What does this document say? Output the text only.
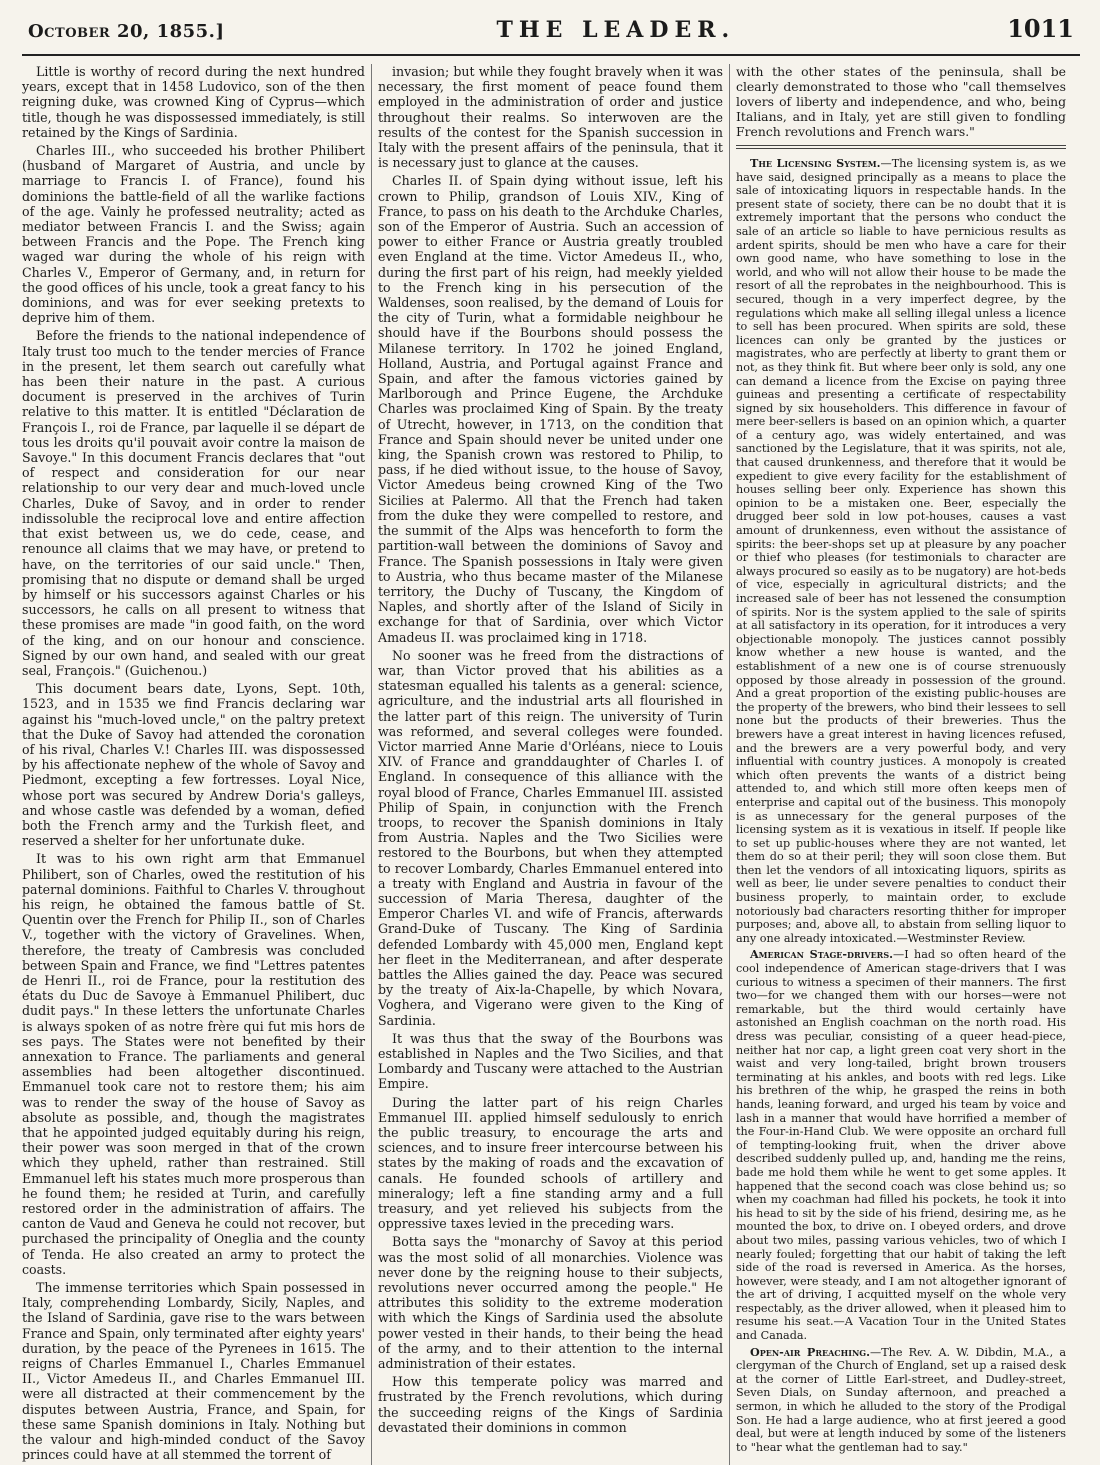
October 20, 1855.]	THE LEADER.	1011

Little is worthy of record during the next hundred years, except that in 1458 Ludovico, son of the then reigning duke, was crowned King of Cyprus—which title, though he was dispossessed immediately, is still retained by the Kings of Sardinia.

Charles III., who succeeded his brother Philibert (husband of Margaret of Austria, and uncle by marriage to Francis I. of France), found his dominions the battle-field of all the warlike factions of the age. Vainly he professed neutrality; acted as mediator between Francis I. and the Swiss; again between Francis and the Pope. The French king waged war during the whole of his reign with Charles V., Emperor of Germany, and, in return for the good offices of his uncle, took a great fancy to his dominions, and was for ever seeking pretexts to deprive him of them.

Before the friends to the national independence of Italy trust too much to the tender mercies of France in the present, let them search out carefully what has been their nature in the past. A curious document is preserved in the archives of Turin relative to this matter. It is entitled "Déclaration de François I., roi de France, par laquelle il se départ de tous les droits qu'il pouvait avoir contre la maison de Savoye." In this document Francis declares that "out of respect and consideration for our near relationship to our very dear and much-loved uncle Charles, Duke of Savoy, and in order to render indissoluble the reciprocal love and entire affection that exist between us, we do cede, cease, and renounce all claims that we may have, or pretend to have, on the territories of our said uncle." Then, promising that no dispute or demand shall be urged by himself or his successors against Charles or his successors, he calls on all present to witness that these promises are made "in good faith, on the word of the king, and on our honour and conscience. Signed by our own hand, and sealed with our great seal, François." (Guichenou.)

This document bears date, Lyons, Sept. 10th, 1523, and in 1535 we find Francis declaring war against his "much-loved uncle," on the paltry pretext that the Duke of Savoy had attended the coronation of his rival, Charles V.! Charles III. was dispossessed by his affectionate nephew of the whole of Savoy and Piedmont, excepting a few fortresses. Loyal Nice, whose port was secured by Andrew Doria's galleys, and whose castle was defended by a woman, defied both the French army and the Turkish fleet, and reserved a shelter for her unfortunate duke.

It was to his own right arm that Emmanuel Philibert, son of Charles, owed the restitution of his paternal dominions. Faithful to Charles V. throughout his reign, he obtained the famous battle of St. Quentin over the French for Philip II., son of Charles V., together with the victory of Gravelines. When, therefore, the treaty of Cambresis was concluded between Spain and France, we find "Lettres patentes de Henri II., roi de France, pour la restitution des états du Duc de Savoye à Emmanuel Philibert, duc dudit pays." In these letters the unfortunate Charles is always spoken of as notre frère qui fut mis hors de ses pays. The States were not benefited by their annexation to France. The parliaments and general assemblies had been altogether discontinued. Emmanuel took care not to restore them; his aim was to render the sway of the house of Savoy as absolute as possible, and, though the magistrates that he appointed judged equitably during his reign, their power was soon merged in that of the crown which they upheld, rather than restrained. Still Emmanuel left his states much more prosperous than he found them; he resided at Turin, and carefully restored order in the administration of affairs. The canton de Vaud and Geneva he could not recover, but purchased the principality of Oneglia and the county of Tenda. He also created an army to protect the coasts.

The immense territories which Spain possessed in Italy, comprehending Lombardy, Sicily, Naples, and the Island of Sardinia, gave rise to the wars between France and Spain, only terminated after eighty years' duration, by the peace of the Pyrenees in 1615. The reigns of Charles Emmanuel I., Charles Emmanuel II., Victor Amedeus II., and Charles Emmanuel III. were all distracted at their commencement by the disputes between Austria, France, and Spain, for these same Spanish dominions in Italy. Nothing but the valour and high-minded conduct of the Savoy princes could have at all stemmed the torrent of

invasion; but while they fought bravely when it was necessary, the first moment of peace found them employed in the administration of order and justice throughout their realms. So interwoven are the results of the contest for the Spanish succession in Italy with the present affairs of the peninsula, that it is necessary just to glance at the causes.

Charles II. of Spain dying without issue, left his crown to Philip, grandson of Louis XIV., King of France, to pass on his death to the Archduke Charles, son of the Emperor of Austria. Such an accession of power to either France or Austria greatly troubled even England at the time. Victor Amedeus II., who, during the first part of his reign, had meekly yielded to the French king in his persecution of the Waldenses, soon realised, by the demand of Louis for the city of Turin, what a formidable neighbour he should have if the Bourbons should possess the Milanese territory. In 1702 he joined England, Holland, Austria, and Portugal against France and Spain, and after the famous victories gained by Marlborough and Prince Eugene, the Archduke Charles was proclaimed King of Spain. By the treaty of Utrecht, however, in 1713, on the condition that France and Spain should never be united under one king, the Spanish crown was restored to Philip, to pass, if he died without issue, to the house of Savoy, Victor Amedeus being crowned King of the Two Sicilies at Palermo. All that the French had taken from the duke they were compelled to restore, and the summit of the Alps was henceforth to form the partition-wall between the dominions of Savoy and France. The Spanish possessions in Italy were given to Austria, who thus became master of the Milanese territory, the Duchy of Tuscany, the Kingdom of Naples, and shortly after of the Island of Sicily in exchange for that of Sardinia, over which Victor Amadeus II. was proclaimed king in 1718.

No sooner was he freed from the distractions of war, than Victor proved that his abilities as a statesman equalled his talents as a general: science, agriculture, and the industrial arts all flourished in the latter part of this reign. The university of Turin was reformed, and several colleges were founded. Victor married Anne Marie d'Orléans, niece to Louis XIV. of France and granddaughter of Charles I. of England. In consequence of this alliance with the royal blood of France, Charles Emmanuel III. assisted Philip of Spain, in conjunction with the French troops, to recover the Spanish dominions in Italy from Austria. Naples and the Two Sicilies were restored to the Bourbons, but when they attempted to recover Lombardy, Charles Emmanuel entered into a treaty with England and Austria in favour of the succession of Maria Theresa, daughter of the Emperor Charles VI. and wife of Francis, afterwards Grand-Duke of Tuscany. The King of Sardinia defended Lombardy with 45,000 men, England kept her fleet in the Mediterranean, and after desperate battles the Allies gained the day. Peace was secured by the treaty of Aix-la-Chapelle, by which Novara, Voghera, and Vigerano were given to the King of Sardinia.

It was thus that the sway of the Bourbons was established in Naples and the Two Sicilies, and that Lombardy and Tuscany were attached to the Austrian Empire.

During the latter part of his reign Charles Emmanuel III. applied himself sedulously to enrich the public treasury, to encourage the arts and sciences, and to insure freer intercourse between his states by the making of roads and the excavation of canals. He founded schools of artillery and mineralogy; left a fine standing army and a full treasury, and yet relieved his subjects from the oppressive taxes levied in the preceding wars.

Botta says the "monarchy of Savoy at this period was the most solid of all monarchies. Violence was never done by the reigning house to their subjects, revolutions never occurred among the people." He attributes this solidity to the extreme moderation with which the Kings of Sardinia used the absolute power vested in their hands, to their being the head of the army, and to their attention to the internal administration of their estates.

How this temperate policy was marred and frustrated by the French revolutions, which during the succeeding reigns of the Kings of Sardinia devastated their dominions in common

with the other states of the peninsula, shall be clearly demonstrated to those who "call themselves lovers of liberty and independence, and who, being Italians, and in Italy, yet are still given to fondling French revolutions and French wars."

The Licensing System.—The licensing system is, as we have said, designed principally as a means to place the sale of intoxicating liquors in respectable hands. In the present state of society, there can be no doubt that it is extremely important that the persons who conduct the sale of an article so liable to have pernicious results as ardent spirits, should be men who have a care for their own good name, who have something to lose in the world, and who will not allow their house to be made the resort of all the reprobates in the neighbourhood. This is secured, though in a very imperfect degree, by the regulations which make all selling illegal unless a licence to sell has been procured. When spirits are sold, these licences can only be granted by the justices or magistrates, who are perfectly at liberty to grant them or not, as they think fit. But where beer only is sold, any one can demand a licence from the Excise on paying three guineas and presenting a certificate of respectability signed by six householders. This difference in favour of mere beer-sellers is based on an opinion which, a quarter of a century ago, was widely entertained, and was sanctioned by the Legislature, that it was spirits, not ale, that caused drunkenness, and therefore that it would be expedient to give every facility for the establishment of houses selling beer only. Experience has shown this opinion to be a mistaken one. Beer, especially the drugged beer sold in low pot-houses, causes a vast amount of drunkenness, even without the assistance of spirits: the beer-shops set up at pleasure by any poacher or thief who pleases (for testimonials to character are always procured so easily as to be nugatory) are hot-beds of vice, especially in agricultural districts; and the increased sale of beer has not lessened the consumption of spirits. Nor is the system applied to the sale of spirits at all satisfactory in its operation, for it introduces a very objectionable monopoly. The justices cannot possibly know whether a new house is wanted, and the establishment of a new one is of course strenuously opposed by those already in possession of the ground. And a great proportion of the existing public-houses are the property of the brewers, who bind their lessees to sell none but the products of their breweries. Thus the brewers have a great interest in having licences refused, and the brewers are a very powerful body, and very influential with country justices. A monopoly is created which often prevents the wants of a district being attended to, and which still more often keeps men of enterprise and capital out of the business. This monopoly is as unnecessary for the general purposes of the licensing system as it is vexatious in itself. If people like to set up public-houses where they are not wanted, let them do so at their peril; they will soon close them. But then let the vendors of all intoxicating liquors, spirits as well as beer, lie under severe penalties to conduct their business properly, to maintain order, to exclude notoriously bad characters resorting thither for improper purposes; and, above all, to abstain from selling liquor to any one already intoxicated.—Westminster Review.

American Stage-drivers.—I had so often heard of the cool independence of American stage-drivers that I was curious to witness a specimen of their manners. The first two—for we changed them with our horses—were not remarkable, but the third would certainly have astonished an English coachman on the north road. His dress was peculiar, consisting of a queer head-piece, neither hat nor cap, a light green coat very short in the waist and very long-tailed, bright brown trousers terminating at his ankles, and boots with red legs. Like his brethren of the whip, he grasped the reins in both hands, leaning forward, and urged his team by voice and lash in a manner that would have horrified a member of the Four-in-Hand Club. We were opposite an orchard full of tempting-looking fruit, when the driver above described suddenly pulled up, and, handing me the reins, bade me hold them while he went to get some apples. It happened that the second coach was close behind us; so when my coachman had filled his pockets, he took it into his head to sit by the side of his friend, desiring me, as he mounted the box, to drive on. I obeyed orders, and drove about two miles, passing various vehicles, two of which I nearly fouled; forgetting that our habit of taking the left side of the road is reversed in America. As the horses, however, were steady, and I am not altogether ignorant of the art of driving, I acquitted myself on the whole very respectably, as the driver allowed, when it pleased him to resume his seat.—A Vacation Tour in the United States and Canada.

Open-air Preaching.—The Rev. A. W. Dibdin, M.A., a clergyman of the Church of England, set up a raised desk at the corner of Little Earl-street, and Dudley-street, Seven Dials, on Sunday afternoon, and preached a sermon, in which he alluded to the story of the Prodigal Son. He had a large audience, who at first jeered a good deal, but were at length induced by some of the listeners to "hear what the gentleman had to say."
